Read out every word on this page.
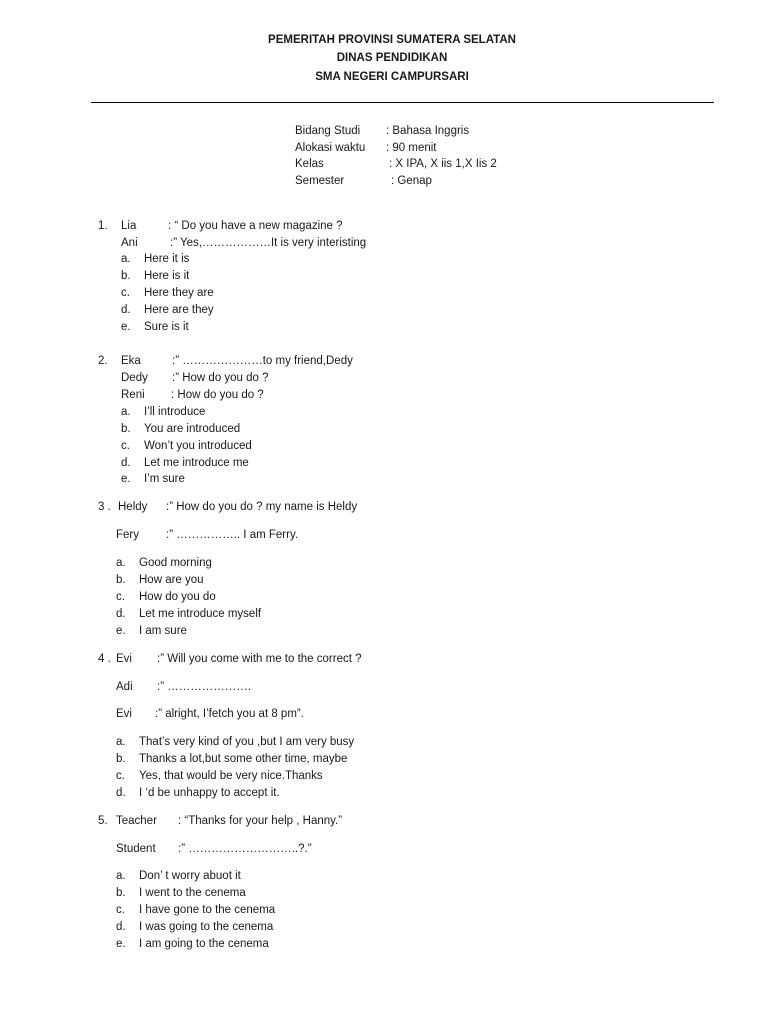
PEMERITAH PROVINSI SUMATERA SELATAN
DINAS PENDIDIKAN
SMA NEGERI CAMPURSARI
Bidang Studi : Bahasa Inggris
Alokasi waktu : 90 menit
Kelas	: X IPA, X iis 1,X Iis 2
Semester	: Genap
1. Lia	: “ Do you have a new magazine ?
Ani	:” Yes,………………It is very interisting
a. Here it is
b. Here is it
c. Here they are
d. Here are they
e. Sure is it
2. Eka	:” …………………to my friend,Dedy
Dedy :” How do you do ?
Reni : How do you do ?
a. I’ll introduce
b. You are introduced
c. Won’t you introduced
d. Let me introduce me
e. I’m sure
3 . Heldy :” How do you do ? my name is Heldy
Fery :” …………….. I am Ferry.
a. Good morning
b. How are you
c. How do you do
d. Let me introduce myself
e. I am sure
4 . Evi :” Will you come with me to the correct ?
Adi :” ………………….
Evi :” alright, I’fetch you at 8 pm”.
a. That’s very kind of you ,but I am very busy
b. Thanks a lot,but some other time, maybe
c. Yes, that would be very nice.Thanks
d. I ‘d be unhappy to accept it.
5. Teacher : “Thanks for your help , Hanny.”
Student :” ………………………..?.”
a. Don’ t worry abuot it
b. I went to the cenema
c. I have gone to the cenema
d. I was going to the cenema
e. I am going to the cenema
